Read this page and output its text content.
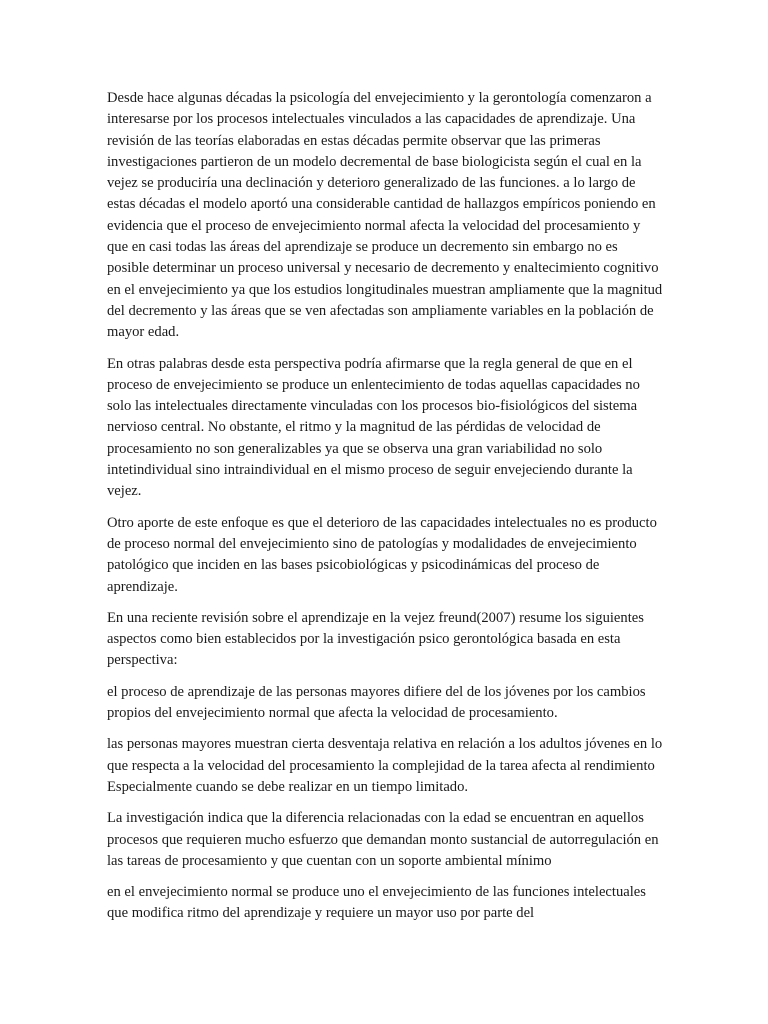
Desde hace algunas décadas la psicología del envejecimiento y la gerontología comenzaron a interesarse por los procesos intelectuales vinculados a las capacidades de aprendizaje. Una revisión de las teorías elaboradas en estas décadas permite observar que las primeras investigaciones partieron de un modelo decremental de base biologicista según el cual en la vejez se produciría una declinación y deterioro generalizado de las funciones. a lo largo de estas décadas el modelo aportó una considerable cantidad de hallazgos empíricos poniendo en evidencia que el proceso de envejecimiento normal afecta la velocidad del procesamiento y que en casi todas las áreas del aprendizaje se produce un decremento sin embargo no es posible determinar un proceso universal y necesario de decremento y enaltecimiento cognitivo en el envejecimiento ya que los estudios longitudinales muestran ampliamente que la magnitud del decremento y las áreas que se ven afectadas son ampliamente variables en la población de mayor edad.

En otras palabras desde esta perspectiva podría afirmarse que la regla general de que en el proceso de envejecimiento se produce un enlentecimiento de todas aquellas capacidades no solo las intelectuales directamente vinculadas con los procesos bio-fisiológicos del sistema nervioso central. No obstante, el ritmo y la magnitud de las pérdidas de velocidad de procesamiento no son generalizables ya que se observa una gran variabilidad no solo intetindividual sino intraindividual en el mismo proceso de seguir envejeciendo durante la vejez.

Otro aporte de este enfoque es que el deterioro de las capacidades intelectuales no es producto de proceso normal del envejecimiento sino de patologías y modalidades de envejecimiento patológico que inciden en las bases psicobiológicas y psicodinámicas del proceso de aprendizaje.

En una reciente revisión sobre el aprendizaje en la vejez freund(2007) resume los siguientes aspectos como bien establecidos por la investigación psico gerontológica basada en esta perspectiva:

el proceso de aprendizaje de las personas mayores difiere del de los jóvenes por los cambios propios del envejecimiento normal que afecta la velocidad de procesamiento.

las personas mayores muestran cierta desventaja relativa en relación a los adultos jóvenes en lo que respecta a la velocidad del procesamiento la complejidad de la tarea afecta al rendimiento Especialmente cuando se debe realizar en un tiempo limitado.

La investigación indica que la diferencia relacionadas con la edad se encuentran en aquellos procesos que requieren mucho esfuerzo que demandan monto sustancial de autorregulación en las tareas de procesamiento y que cuentan con un soporte ambiental mínimo

en el envejecimiento normal se produce uno el envejecimiento de las funciones intelectuales que modifica ritmo del aprendizaje y requiere un mayor uso por parte del
